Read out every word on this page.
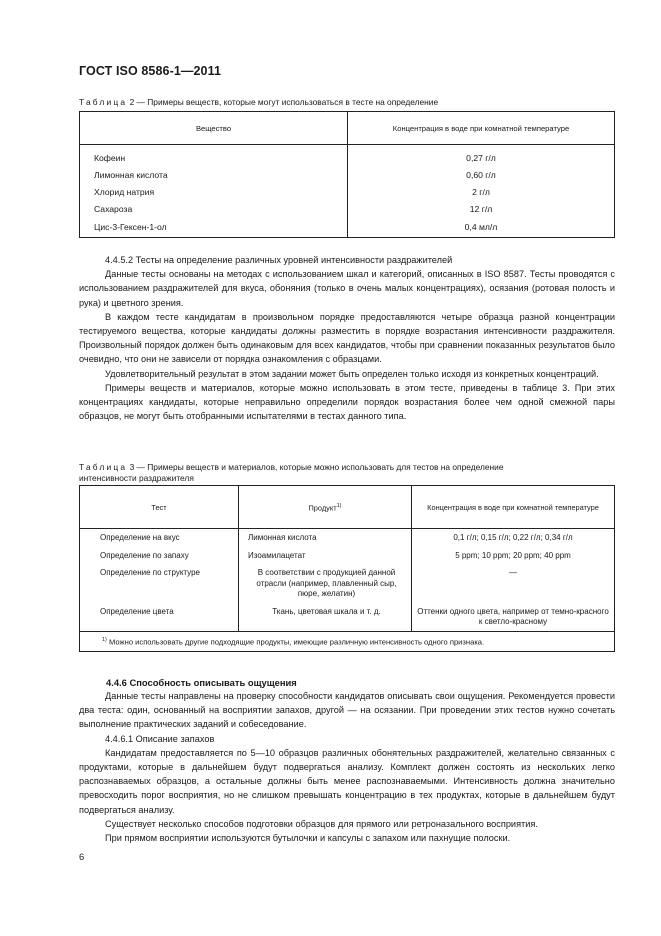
ГОСТ ISO 8586-1—2011
Таблица 2 — Примеры веществ, которые могут использоваться в тесте на определение
Вещество	Концентрация в воде при комнатной температуре
Кофеин	0,27 г/л
Лимонная кислота	0,60 г/л
Хлорид натрия	2 г/л
Сахароза	12 г/л
Цис-3-Гексен-1-ол	0,4 мл/л

4.4.5.2 Тесты на определение различных уровней интенсивности раздражителей

Данные тесты основаны на методах с использованием шкал и категорий, описанных в ISO 8587. Тесты проводятся с использованием раздражителей для вкуса, обоняния (только в очень малых концентрациях), осязания (ротовая полость и рука) и цветного зрения.

В каждом тесте кандидатам в произвольном порядке предоставляются четыре образца разной концентрации тестируемого вещества, которые кандидаты должны разместить в порядке возрастания интенсивности раздражителя. Произвольный порядок должен быть одинаковым для всех кандидатов, чтобы при сравнении показанных результатов было очевидно, что они не зависели от порядка ознакомления с образцами.

Удовлетворительный результат в этом задании может быть определен только исходя из конкретных концентраций.

Примеры веществ и материалов, которые можно использовать в этом тесте, приведены в таблице 3. При этих концентрациях кандидаты, которые неправильно определили порядок возрастания более чем одной смежной пары образцов, не могут быть отобранными испытателями в тестах данного типа.

Таблица 3 — Примеры веществ и материалов, которые можно использовать для тестов на определение
интенсивности раздражителя
Тест	Продукт$^{1)}$	Концентрация в воде при комнатной температуре
Определение на вкус	Лимонная кислота	0,1 г/л; 0,15 г/л; 0,22 г/л; 0,34 г/л
Определение по запаху	Изоамилацетат	5 ppm; 10 ppm; 20 ppm; 40 ppm
Определение по структуре	В соответствии с продукцией данной отрасли (например, плавленный сыр, пюре, желатин)	—
Определение цвета	Ткань, цветовая шкала и т. д.	Оттенки одного цвета, например от темно-красного к светло-красному
$^{1)}$ Можно использовать другие подходящие продукты, имеющие различную интенсивность одного признака.		
4.4.6 Способность описывать ощущения

Данные тесты направлены на проверку способности кандидатов описывать свои ощущения. Рекомендуется провести два теста: один, основанный на восприятии запахов, другой — на осязании. При проведении этих тестов нужно сочетать выполнение практических заданий и собеседование.

4.4.6.1 Описание запахов

Кандидатам предоставляется по 5—10 образцов различных обонятельных раздражителей, желательно связанных с продуктами, которые в дальнейшем будут подвергаться анализу. Комплект должен состоять из нескольких легко распознаваемых образцов, а остальные должны быть менее распознаваемыми. Интенсивность должна значительно превосходить порог восприятия, но не слишком превышать концентрацию в тех продуктах, которые в дальнейшем будут подвергаться анализу.

Существует несколько способов подготовки образцов для прямого или ретроназального восприятия.

При прямом восприятии используются бутылочки и капсулы с запахом или пахнущие полоски.

6
